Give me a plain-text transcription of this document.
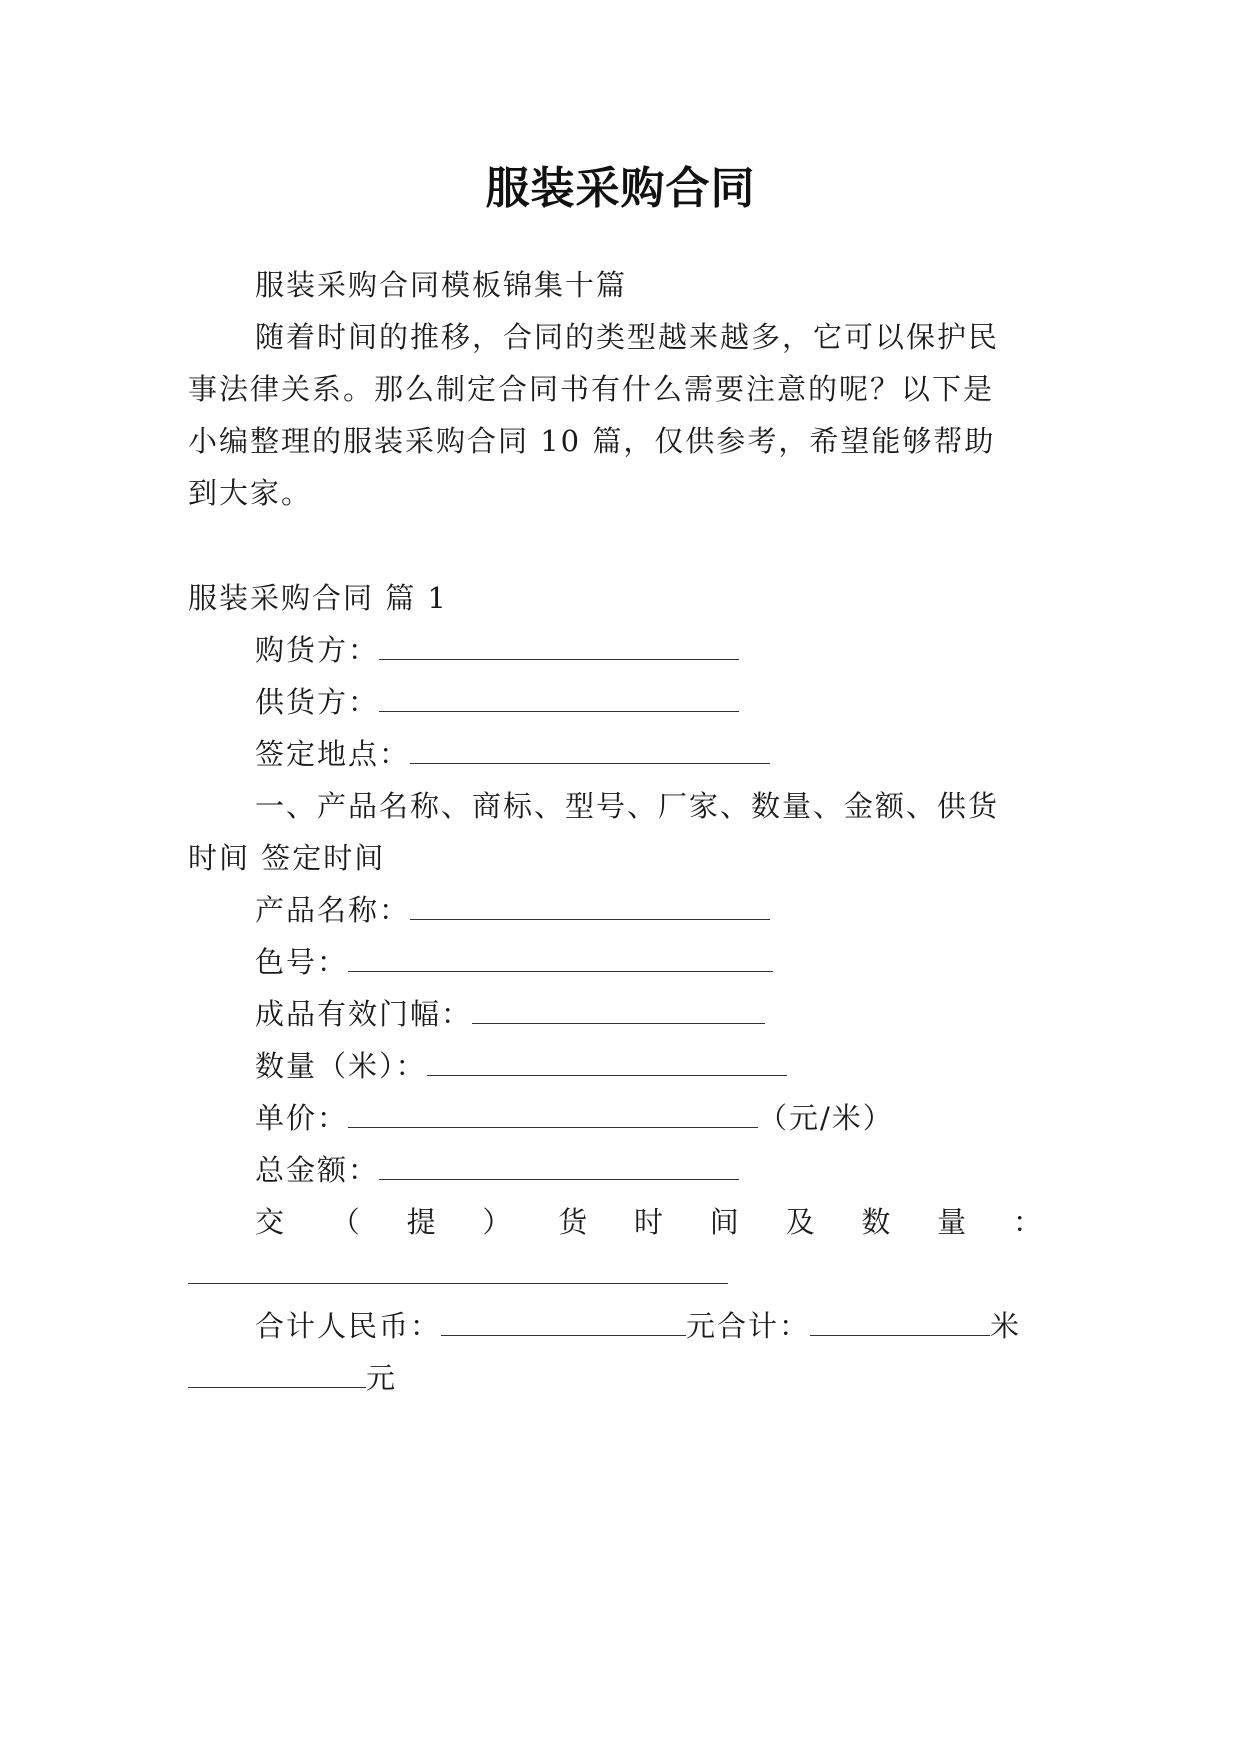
服装采购合同
服装采购合同模板锦集十篇
随着时间的推移，合同的类型越来越多，它可以保护民
事法律关系。那么制定合同书有什么需要注意的呢？以下是
小编整理的服装采购合同 10 篇，仅供参考，希望能够帮助
到大家。
服装采购合同 篇 1
购货方：
供货方：
签定地点：
一、产品名称、商标、型号、厂家、数量、金额、供货
时间 签定时间
产品名称：
色号：
成品有效门幅：
数量（米）：
单价：	（元/米）
总金额：
交 （ 提 ） 货 时 间 及 数 量 ：
合计人民币：	元合计：	米
元
